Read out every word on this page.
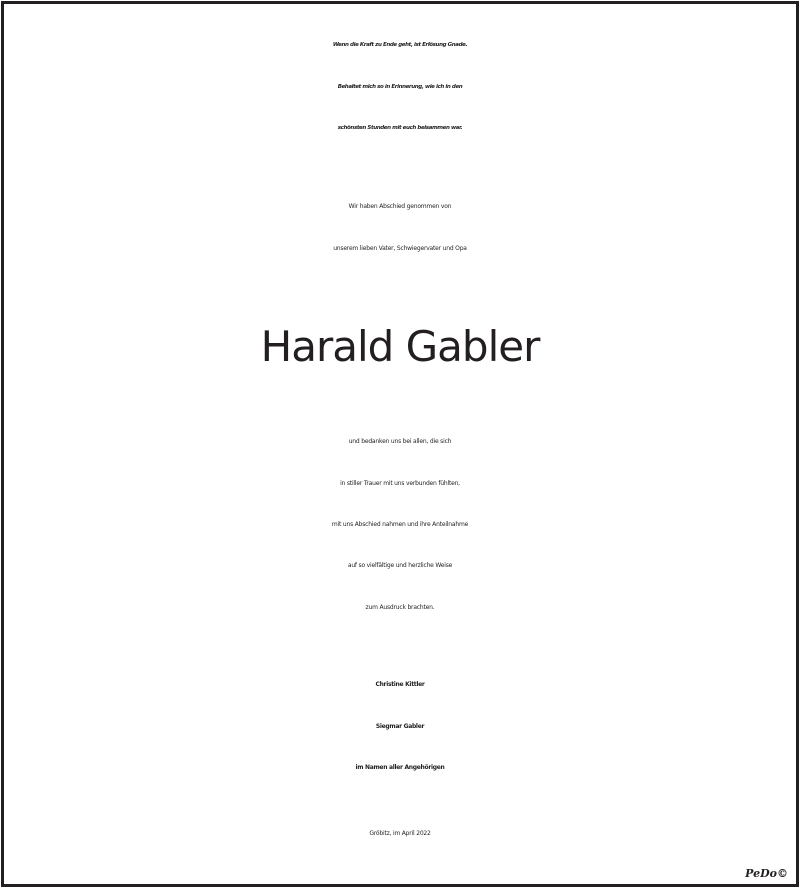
Wenn die Kraft zu Ende geht, ist Erlösung Gnade.
Behaltet mich so in Erinnerung, wie ich in den
schönsten Stunden mit euch beisammen war.
Wir haben Abschied genommen von
unserem lieben Vater, Schwiegervater und Opa
Harald Gabler
und bedanken uns bei allen, die sich
in stiller Trauer mit uns verbunden fühlten,
mit uns Abschied nahmen und ihre Anteilnahme
auf so vielfältige und herzliche Weise
zum Ausdruck brachten.
Christine Kittler
Siegmar Gabler
im Namen aller Angehörigen
Gröbitz, im April 2022
PeDo©
